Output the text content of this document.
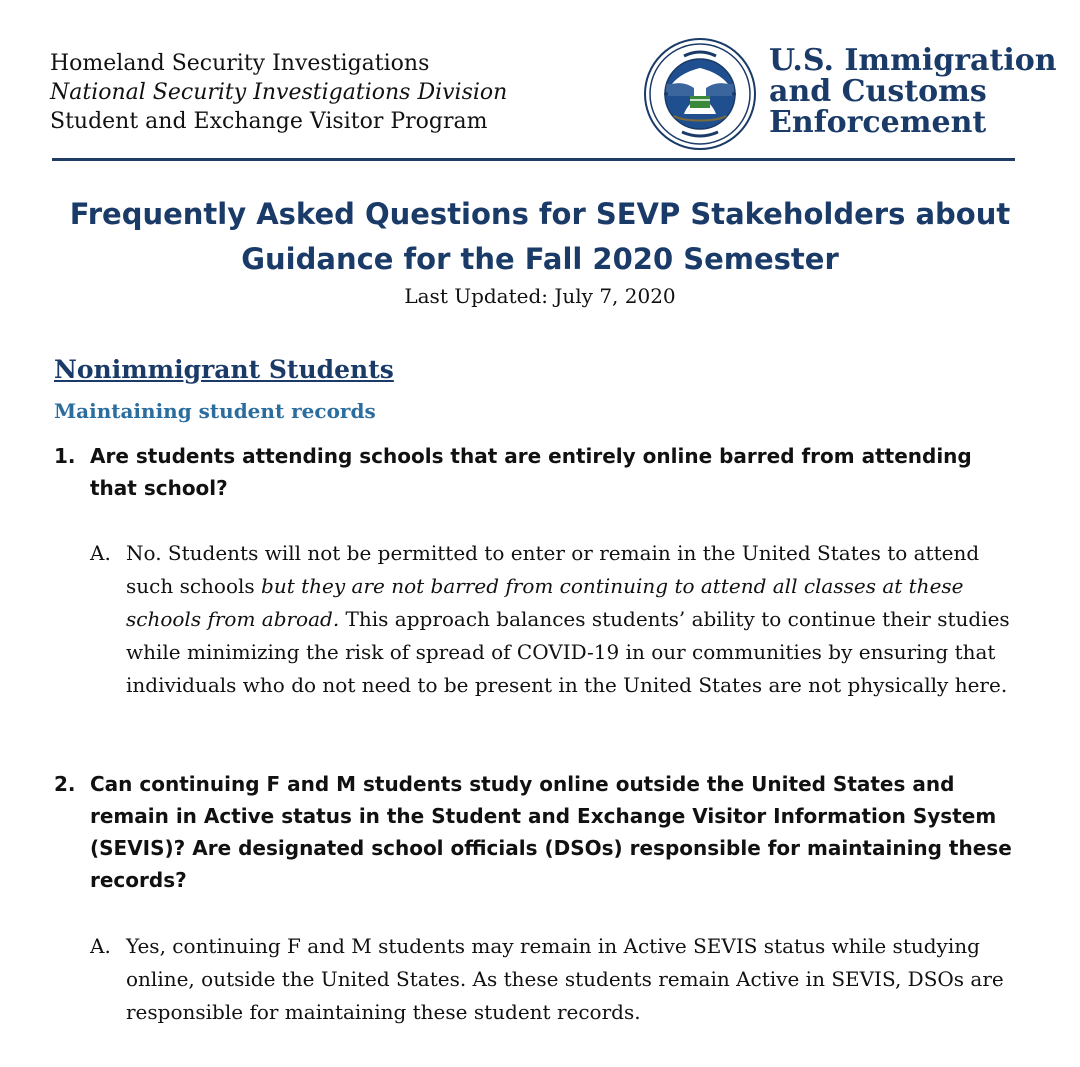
Homeland Security Investigations
National Security Investigations Division
Student and Exchange Visitor Program
U.S. Immigration
and Customs
Enforcement
Frequently Asked Questions for SEVP Stakeholders about
Guidance for the Fall 2020 Semester
Last Updated: July 7, 2020
Nonimmigrant Students
Maintaining student records
1. Are students attending schools that are entirely online barred from attending that school?
A. No. Students will not be permitted to enter or remain in the United States to attend such schools but they are not barred from continuing to attend all classes at these schools from abroad. This approach balances students’ ability to continue their studies while minimizing the risk of spread of COVID-19 in our communities by ensuring that individuals who do not need to be present in the United States are not physically here.
2. Can continuing F and M students study online outside the United States and remain in Active status in the Student and Exchange Visitor Information System (SEVIS)? Are designated school officials (DSOs) responsible for maintaining these records?
A. Yes, continuing F and M students may remain in Active SEVIS status while studying online, outside the United States. As these students remain Active in SEVIS, DSOs are responsible for maintaining these student records.
